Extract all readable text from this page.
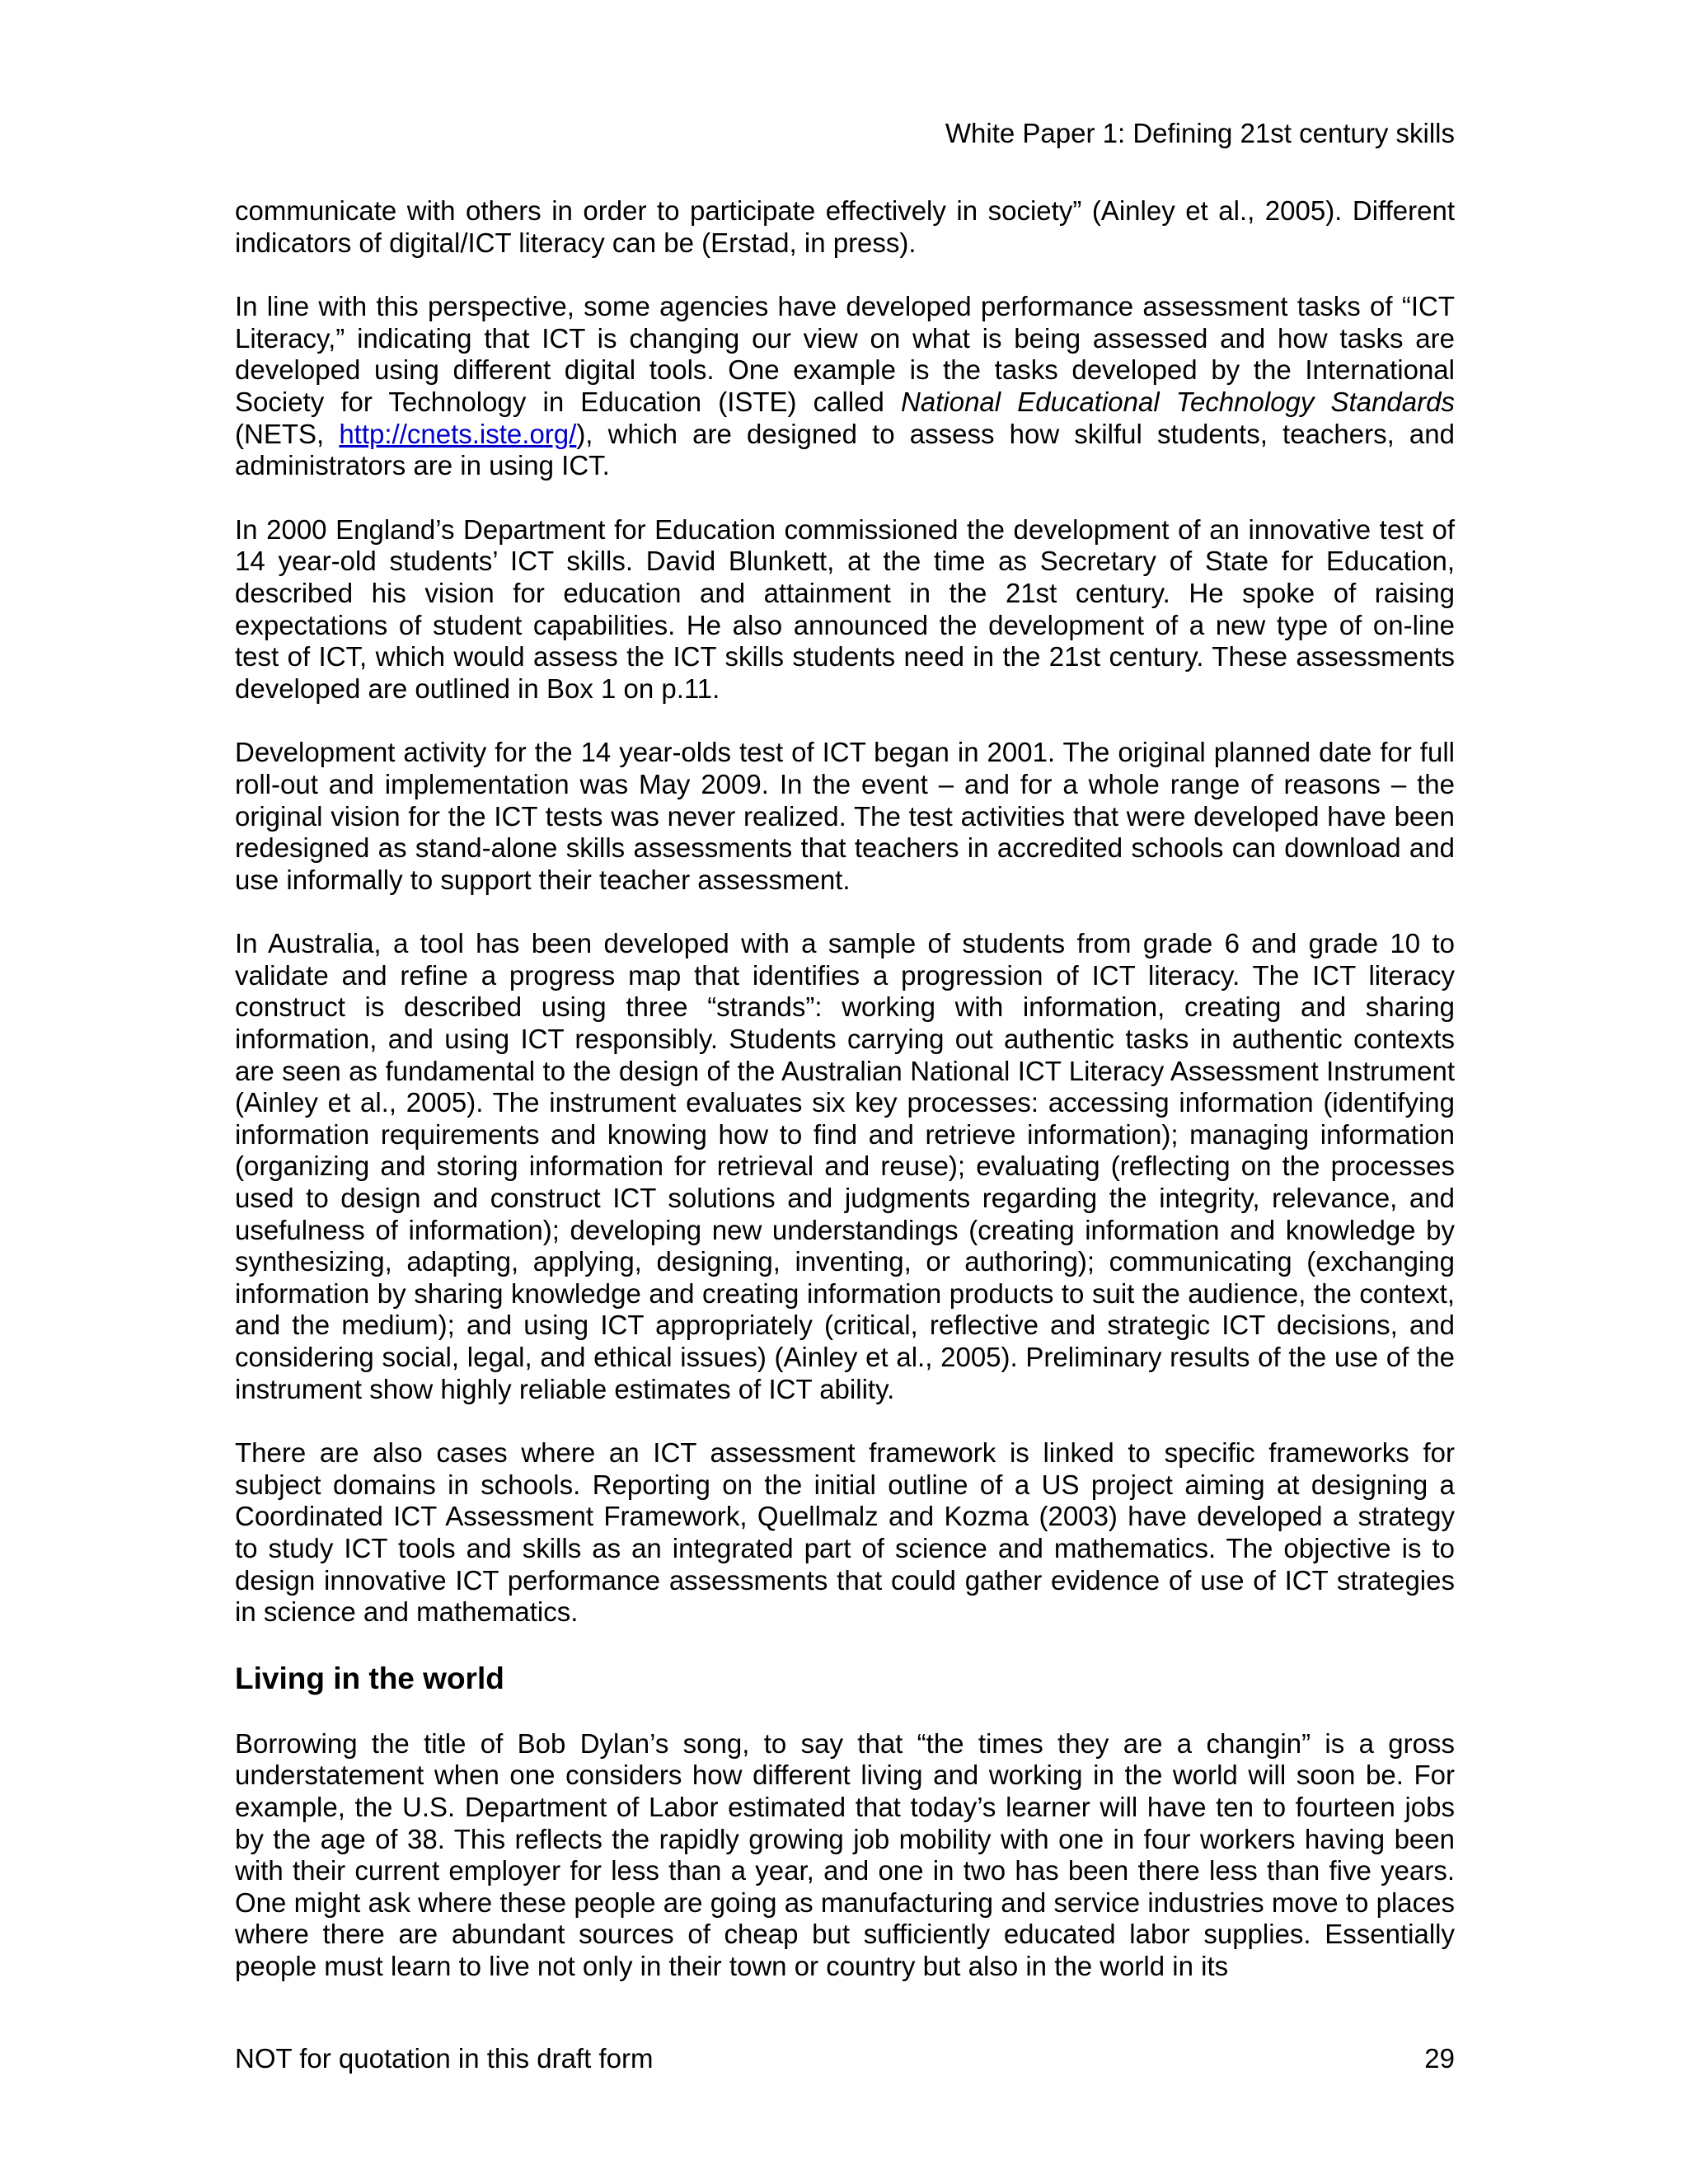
White Paper 1: Defining 21st century skills

communicate with others in order to participate effectively in society” (Ainley et al., 2005). Different indicators of digital/ICT literacy can be (Erstad, in press).

In line with this perspective, some agencies have developed performance assessment tasks of “ICT Literacy,” indicating that ICT is changing our view on what is being assessed and how tasks are developed using different digital tools. One example is the tasks developed by the International Society for Technology in Education (ISTE) called National Educational Technology Standards (NETS, http://cnets.iste.org/), which are designed to assess how skilful students, teachers, and administrators are in using ICT.

In 2000 England’s Department for Education commissioned the development of an innovative test of 14 year-old students’ ICT skills. David Blunkett, at the time as Secretary of State for Education, described his vision for education and attainment in the 21st century. He spoke of raising expectations of student capabilities. He also announced the development of a new type of on-line test of ICT, which would assess the ICT skills students need in the 21st century. These assessments developed are outlined in Box 1 on p.11.

Development activity for the 14 year-olds test of ICT began in 2001. The original planned date for full roll-out and implementation was May 2009. In the event – and for a whole range of reasons – the original vision for the ICT tests was never realized. The test activities that were developed have been redesigned as stand-alone skills assessments that teachers in accredited schools can download and use informally to support their teacher assessment.

In Australia, a tool has been developed with a sample of students from grade 6 and grade 10 to validate and refine a progress map that identifies a progression of ICT literacy. The ICT literacy construct is described using three “strands”: working with information, creating and sharing information, and using ICT responsibly. Students carrying out authentic tasks in authentic contexts are seen as fundamental to the design of the Australian National ICT Literacy Assessment Instrument (Ainley et al., 2005). The instrument evaluates six key processes: accessing information (identifying information requirements and knowing how to find and retrieve information); managing information (organizing and storing information for retrieval and reuse); evaluating (reflecting on the processes used to design and construct ICT solutions and judgments regarding the integrity, relevance, and usefulness of information); developing new understandings (creating information and knowledge by synthesizing, adapting, applying, designing, inventing, or authoring); communicating (exchanging information by sharing knowledge and creating information products to suit the audience, the context, and the medium); and using ICT appropriately (critical, reflective and strategic ICT decisions, and considering social, legal, and ethical issues) (Ainley et al., 2005). Preliminary results of the use of the instrument show highly reliable estimates of ICT ability.

There are also cases where an ICT assessment framework is linked to specific frameworks for subject domains in schools. Reporting on the initial outline of a US project aiming at designing a Coordinated ICT Assessment Framework, Quellmalz and Kozma (2003) have developed a strategy to study ICT tools and skills as an integrated part of science and mathematics. The objective is to design innovative ICT performance assessments that could gather evidence of use of ICT strategies in science and mathematics.

Living in the world

Borrowing the title of Bob Dylan’s song, to say that “the times they are a changin” is a gross understatement when one considers how different living and working in the world will soon be. For example, the U.S. Department of Labor estimated that today’s learner will have ten to fourteen jobs by the age of 38. This reflects the rapidly growing job mobility with one in four workers having been with their current employer for less than a year, and one in two has been there less than five years. One might ask where these people are going as manufacturing and service industries move to places where there are abundant sources of cheap but sufficiently educated labor supplies. Essentially people must learn to live not only in their town or country but also in the world in its

NOT for quotation in this draft form	29
